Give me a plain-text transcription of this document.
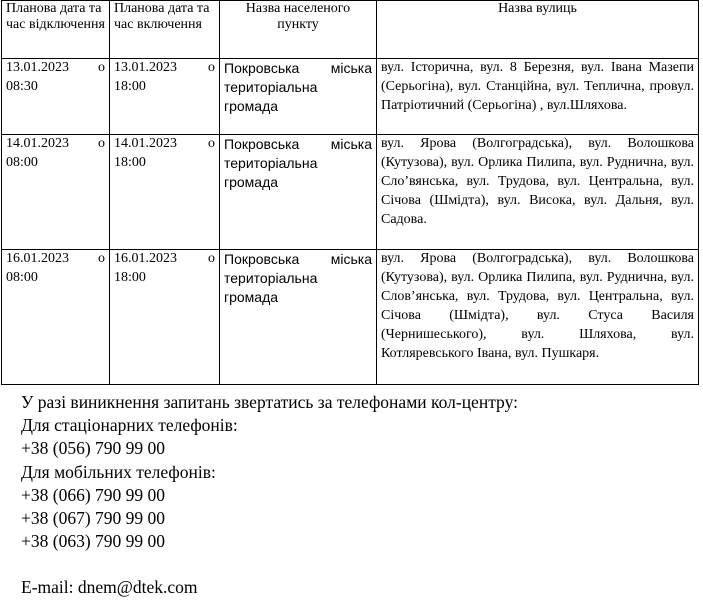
Планова дата та час відключення	Планова дата та час включення	Назва населеного пункту	Назва вулиць
13.01.2023 о 08:30	13.01.2023 о 18:00	Покровська міська територіальна громада	вул. Історична, вул. 8 Березня, вул. Івана Мазепи (Серьогіна), вул. Станційна, вул. Теплична, провул. Патріотичний (Серьогіна) , вул.Шляхова.
14.01.2023 о 08:00	14.01.2023 о 18:00	Покровська міська територіальна громада	вул. Ярова (Волгоградська), вул. Волошкова (Кутузова), вул. Орлика Пилипа, вул. Руднична, вул. Сло’вянська, вул. Трудова, вул. Центральна, вул. Січова (Шмідта), вул. Висока, вул. Дальня, вул. Садова.
16.01.2023 о 08:00	16.01.2023 о 18:00	Покровська міська територіальна громада	вул. Ярова (Волгоградська), вул. Волошкова (Кутузова), вул. Орлика Пилипа, вул. Руднична, вул. Слов’янська, вул. Трудова, вул. Центральна, вул. Січова (Шмідта), вул. Стуса Василя (Чернишеського), вул. Шляхова, вул. Котляревського Івана, вул. Пушкаря.

У разі виникнення запитань звертатись за телефонами кол-центру:

Для стаціонарних телефонів:

+38 (056) 790 99 00

Для мобільних телефонів:

+38 (066) 790 99 00

+38 (067) 790 99 00

+38 (063) 790 99 00

E-mail: dnem@dtek.com
